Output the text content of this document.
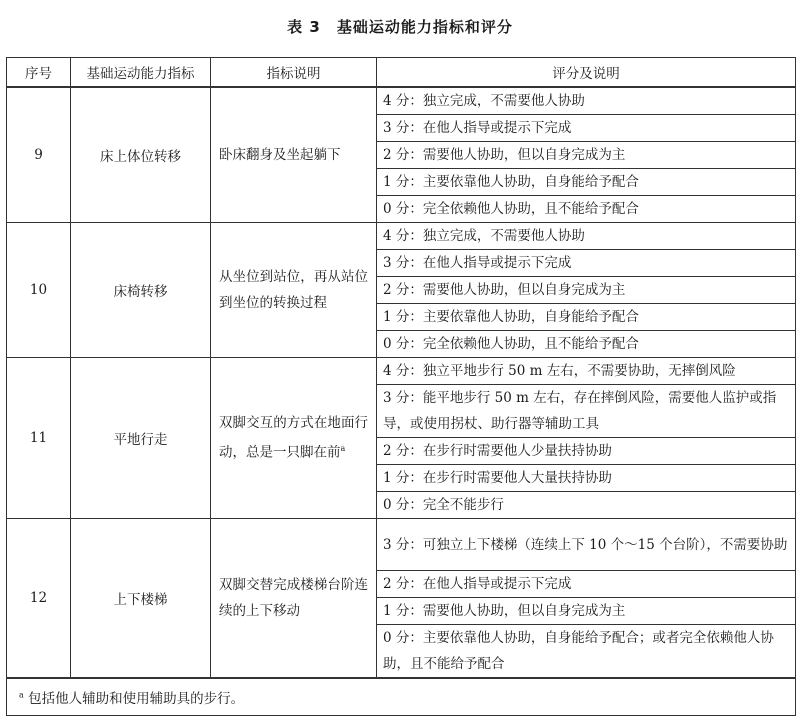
表 3　基础运动能力指标和评分
序号	基础运动能力指标	指标说明	评分及说明
9	床上体位转移	卧床翻身及坐起躺下	4 分：独立完成，不需要他人协助
			3 分：在他人指导或提示下完成
			2 分：需要他人协助，但以自身完成为主
			1 分：主要依靠他人协助，自身能给予配合
			0 分：完全依赖他人协助，且不能给予配合
10	床椅转移	从坐位到站位，再从站位到坐位的转换过程	4 分：独立完成，不需要他人协助
			3 分：在他人指导或提示下完成
			2 分：需要他人协助，但以自身完成为主
			1 分：主要依靠他人协助，自身能给予配合
			0 分：完全依赖他人协助，且不能给予配合
11	平地行走	双脚交互的方式在地面行动，总是一只脚在前$^a$	4 分：独立平地步行 50 m 左右，不需要协助，无摔倒风险
			3 分：能平地步行 50 m 左右，存在摔倒风险，需要他人监护或指导，或使用拐杖、助行器等辅助工具
			2 分：在步行时需要他人少量扶持协助
			1 分：在步行时需要他人大量扶持协助
			0 分：完全不能步行
12	上下楼梯	双脚交替完成楼梯台阶连续的上下移动	3 分：可独立上下楼梯（连续上下 10 个～15 个台阶），不需要协助
			2 分：在他人指导或提示下完成
			1 分：需要他人协助，但以自身完成为主
			0 分：主要依靠他人协助，自身能给予配合；或者完全依赖他人协助，且不能给予配合
$^a$ 包括他人辅助和使用辅助具的步行。			
